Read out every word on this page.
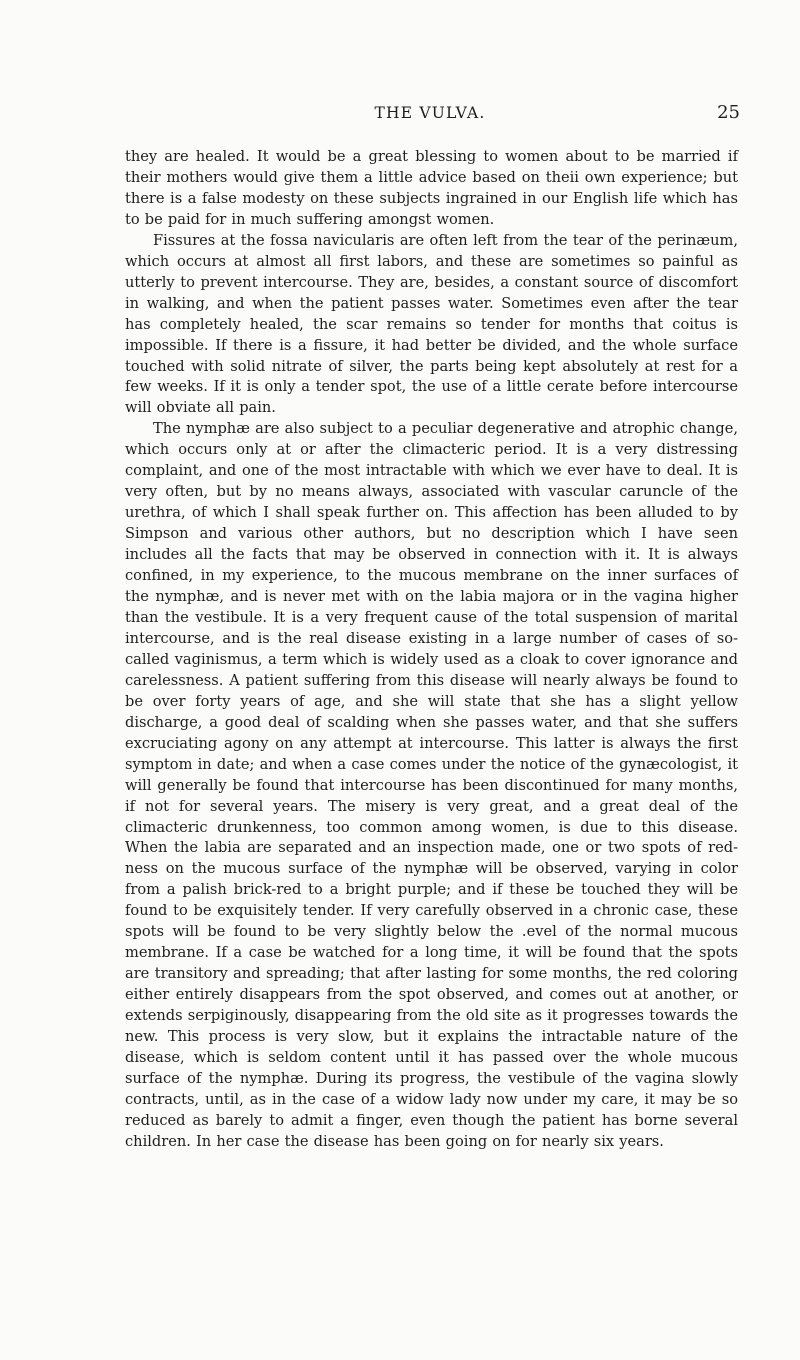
THE VULVA.	25

they are healed. It would be a great blessing to women about to be married if their mothers would give them a little advice based on theii own experience; but there is a false modesty on these subjects ingrained in our English life which has to be paid for in much suffering amongst women.

Fissures at the fossa navicularis are often left from the tear of the perinæum, which occurs at almost all first labors, and these are sometimes so painful as utterly to prevent intercourse. They are, besides, a constant source of discomfort in walking, and when the patient passes water. Sometimes even after the tear has completely healed, the scar remains so tender for months that coitus is impossible. If there is a fissure, it had better be divided, and the whole surface touched with solid nitrate of silver, the parts being kept absolutely at rest for a few weeks. If it is only a tender spot, the use of a little cerate before intercourse will obviate all pain.

The nymphæ are also subject to a peculiar degenerative and atrophic change, which occurs only at or after the climacteric period. It is a very distressing complaint, and one of the most intractable with which we ever have to deal. It is very often, but by no means always, associated with vascular caruncle of the urethra, of which I shall speak further on. This affection has been alluded to by Simpson and various other authors, but no description which I have seen includes all the facts that may be observed in connection with it. It is always confined, in my experience, to the mucous membrane on the inner surfaces of the nymphæ, and is never met with on the labia majora or in the vagina higher than the vestibule. It is a very frequent cause of the total suspension of marital intercourse, and is the real disease existing in a large number of cases of so-called vaginismus, a term which is widely used as a cloak to cover ignorance and carelessness. A patient suffering from this disease will nearly always be found to be over forty years of age, and she will state that she has a slight yellow discharge, a good deal of scalding when she passes water, and that she suffers excruciating agony on any attempt at intercourse. This latter is always the first symptom in date; and when a case comes under the notice of the gynæcologist, it will generally be found that intercourse has been discontinued for many months, if not for several years. The misery is very great, and a great deal of the climacteric drunkenness, too common among women, is due to this disease. When the labia are separated and an inspection made, one or two spots of redness on the mucous surface of the nymphæ will be observed, varying in color from a palish brick-red to a bright purple; and if these be touched they will be found to be exquisitely tender. If very carefully observed in a chronic case, these spots will be found to be very slightly below the .evel of the normal mucous membrane. If a case be watched for a long time, it will be found that the spots are transitory and spreading; that after lasting for some months, the red coloring either entirely disappears from the spot observed, and comes out at another, or extends serpiginously, disappearing from the old site as it progresses towards the new. This process is very slow, but it explains the intractable nature of the disease, which is seldom content until it has passed over the whole mucous surface of the nymphæ. During its progress, the vestibule of the vagina slowly contracts, until, as in the case of a widow lady now under my care, it may be so reduced as barely to admit a finger, even though the patient has borne several children. In her case the disease has been going on for nearly six years.
